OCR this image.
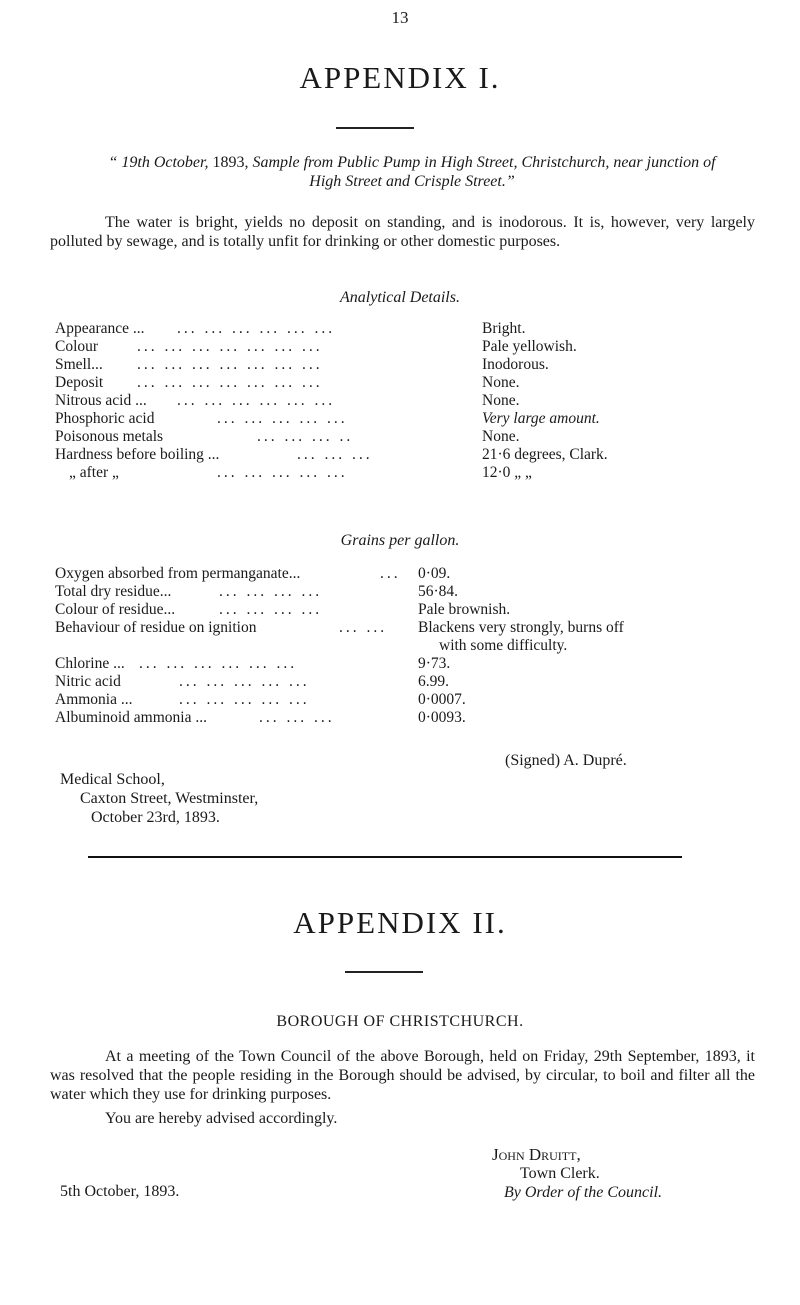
13
APPENDIX I.
“ 19th October, 1893, Sample from Public Pump in High Street, Christchurch, near junction of High Street and Crisple Street.”
The water is bright, yields no deposit on standing, and is inodorous. It is, however, very largely polluted by sewage, and is totally unfit for drinking or other domestic purposes.
Analytical Details.
Appearance ... ... ... ... ... ... ...	Bright.
Colour	... ... ... ... ... ... ...	Pale yellowish.
Smell... ... ... ... ... ... ... ...	Inodorous.
Deposit ... ... ... ... ... ... ...	None.
Nitrous acid ... ... ... ... ... ... ...	None.
Phosphoric acid	... ... ... ... ...	Very large amount.
Poisonous metals	... ... ... ..	None.
Hardness before boiling ...	... ... ...	21·6 degrees, Clark.
„ after „	... ... ... ... ...	12·0 „ „
Grains per gallon.
Oxygen absorbed from permanganate...	... 0·09.
Total dry residue...	... ... ... ...	56·84.
Colour of residue...	... ... ... ...	Pale brownish.
Behaviour of residue on ignition	... ... Blackens very strongly, burns off
with some difficulty.
Chlorine ... ... ... ... ... ... ...	9·73.
Nitric acid	... ... ... ... ...	6.99.
Ammonia ...	... ... ... ... ...	0·0007.
Albuminoid ammonia ...	... ... ...	0·0093.
(Signed) A. Dupré.
Medical School,
Caxton Street, Westminster,
October 23rd, 1893.
APPENDIX II.
BOROUGH OF CHRISTCHURCH.
At a meeting of the Town Council of the above Borough, held on Friday, 29th September, 1893, it was resolved that the people residing in the Borough should be advised, by circular, to boil and filter all the water which they use for drinking purposes.
You are hereby advised accordingly.
John Druitt,
Town Clerk.
By Order of the Council.
5th October, 1893.
